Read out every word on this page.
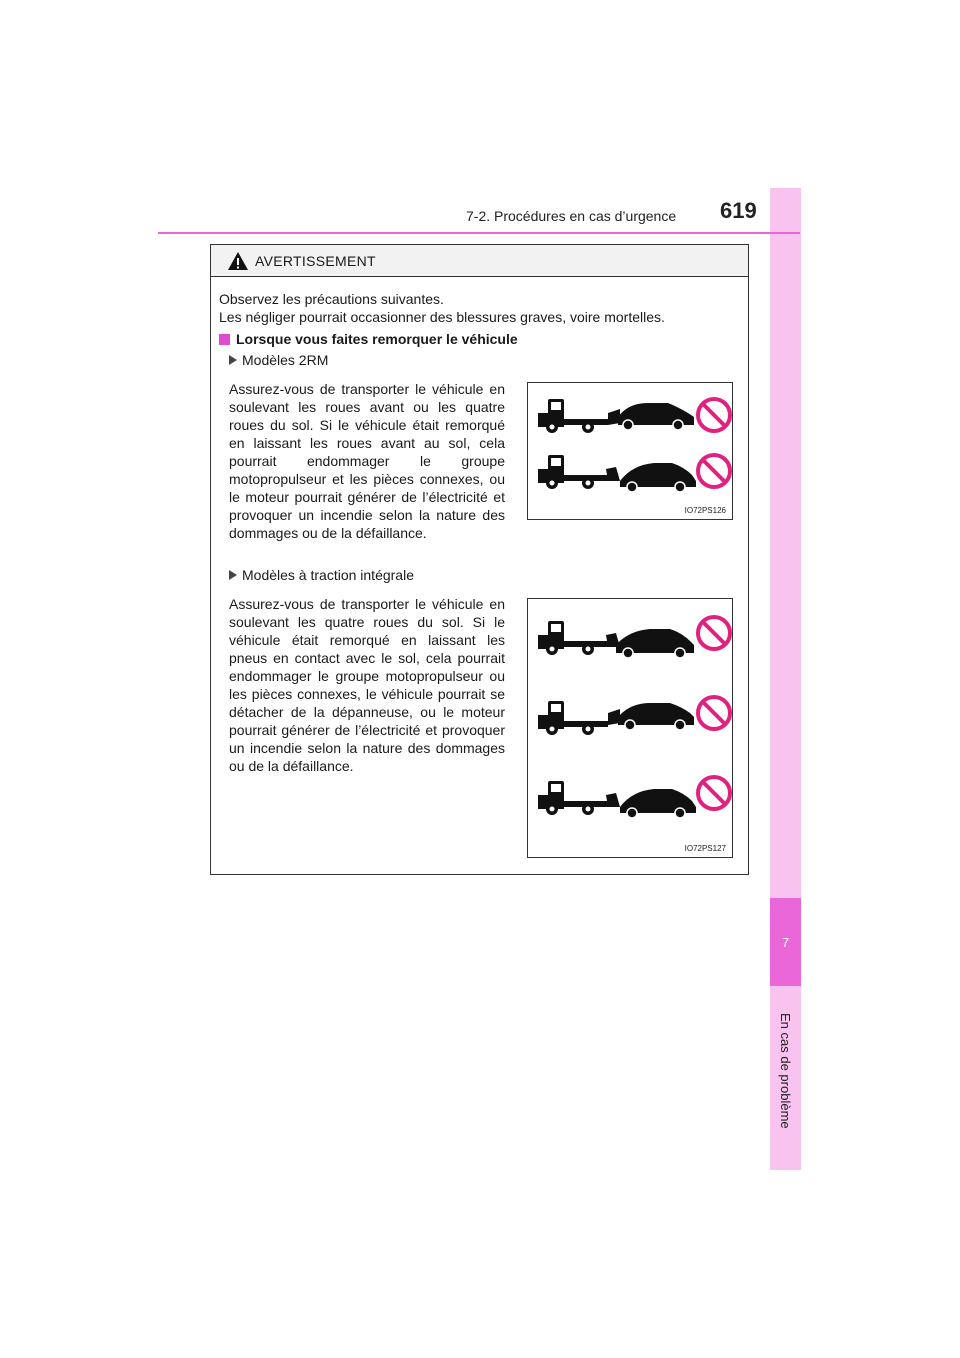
7
En cas de problème
7-2. Procédures en cas d’urgence 619
AVERTISSEMENT
Observez les précautions suivantes.
Les négliger pourrait occasionner des blessures graves, voire mortelles.
Lorsque vous faites remorquer le véhicule
Modèles 2RM

Assurez-vous de transporter le véhicule en soulevant les roues avant ou les quatre roues du sol. Si le véhicule était remorqué en laissant les roues avant au sol, cela pourrait endommager le groupe motopropulseur et les pièces connexes, ou le moteur pourrait générer de l’électricité et provoquer un incendie selon la nature des dommages ou de la défaillance.

IO72PS126
Modèles à traction intégrale

Assurez-vous de transporter le véhicule en soulevant les quatre roues du sol. Si le véhicule était remorqué en laissant les pneus en contact avec le sol, cela pourrait endommager le groupe motopropulseur ou les pièces connexes, le véhicule pourrait se détacher de la dépanneuse, ou le moteur pourrait générer de l’électricité et provoquer un incendie selon la nature des dommages ou de la défaillance.

IO72PS127
